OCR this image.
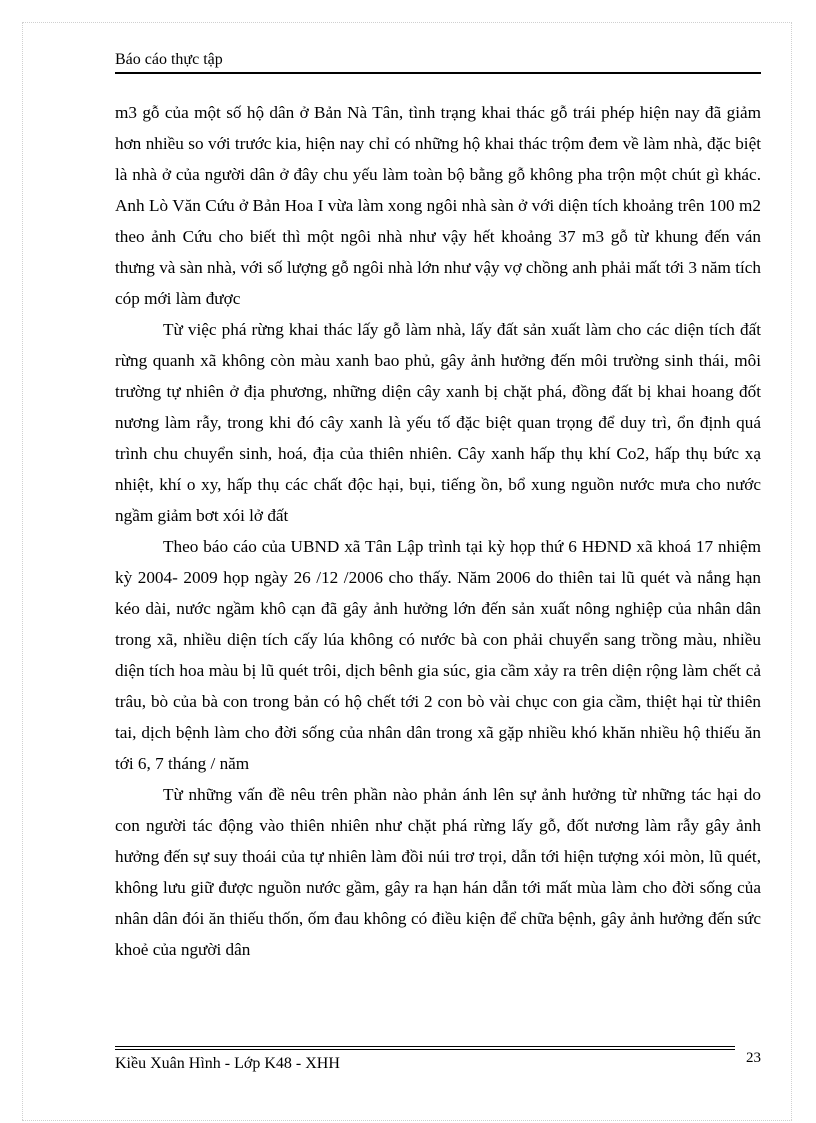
Báo cáo thực tập

m3 gỗ của một số hộ dân ở Bản Nà Tân, tình trạng khai thác gỗ trái phép hiện nay đã giảm hơn nhiều so với trước kia, hiện nay chỉ có những hộ khai thác trộm đem về làm nhà, đặc biệt là nhà ở của người dân ở đây chu yếu làm toàn bộ bằng gỗ không pha trộn một chút gì khác. Anh Lò Văn Cứu ở Bản Hoa I vừa làm xong ngôi nhà sàn ở với diện tích khoảng trên 100 m2 theo ảnh Cứu cho biết thì một ngôi nhà như vậy hết khoảng 37 m3 gỗ từ khung đến ván thưng và sàn nhà, với số lượng gỗ ngôi nhà lớn như vậy vợ chồng anh phải mất tới 3 năm tích cóp mới làm được

Từ việc phá rừng khai thác lấy gỗ làm nhà, lấy đất sản xuất làm cho các diện tích đất rừng quanh xã không còn màu xanh bao phủ, gây ảnh hưởng đến môi trường sinh thái, môi trường tự nhiên ở địa phương, những diện cây xanh bị chặt phá, đồng đất bị khai hoang đốt nương làm rẫy, trong khi đó cây xanh là yếu tố đặc biệt quan trọng để duy trì, ổn định quá trình chu chuyển sinh, hoá, địa của thiên nhiên. Cây xanh hấp thụ khí Co2, hấp thụ bức xạ nhiệt, khí o xy, hấp thụ các chất độc hại, bụi, tiếng ồn, bổ xung nguồn nước mưa cho nước ngầm giảm bơt xói lở đất

Theo báo cáo của UBND xã Tân Lập trình tại kỳ họp thứ 6 HĐND xã khoá 17 nhiệm kỳ 2004- 2009 họp ngày 26 /12 /2006 cho thấy. Năm 2006 do thiên tai lũ quét và nắng hạn kéo dài, nước ngầm khô cạn đã gây ảnh hưởng lớn đến sản xuất nông nghiệp của nhân dân trong xã, nhiều diện tích cấy lúa không có nước bà con phải chuyển sang trồng màu, nhiều diện tích hoa màu bị lũ quét trôi, dịch bênh gia súc, gia cầm xảy ra trên diện rộng làm chết cả trâu, bò của bà con trong bản có hộ chết tới 2 con bò vài chục con gia cầm, thiệt hại từ thiên tai, dịch bệnh làm cho đời sống của nhân dân trong xã gặp nhiều khó khăn nhiều hộ thiếu ăn tới 6, 7 tháng / năm

Từ những vấn đề nêu trên phần nào phản ánh lên sự ảnh hưởng từ những tác hại do con người tác động vào thiên nhiên như chặt phá rừng lấy gỗ, đốt nương làm rẫy gây ảnh hưởng đến sự suy thoái của tự nhiên làm đồi núi trơ trọi, dẫn tới hiện tượng xói mòn, lũ quét, không lưu giữ được nguồn nước gầm, gây ra hạn hán dẫn tới mất mùa làm cho đời sống của nhân dân đói ăn thiếu thốn, ốm đau không có điều kiện để chữa bệnh, gây ảnh hưởng đến sức khoẻ của người dân

Kiều Xuân Hình - Lớp K48 - XHH	23
